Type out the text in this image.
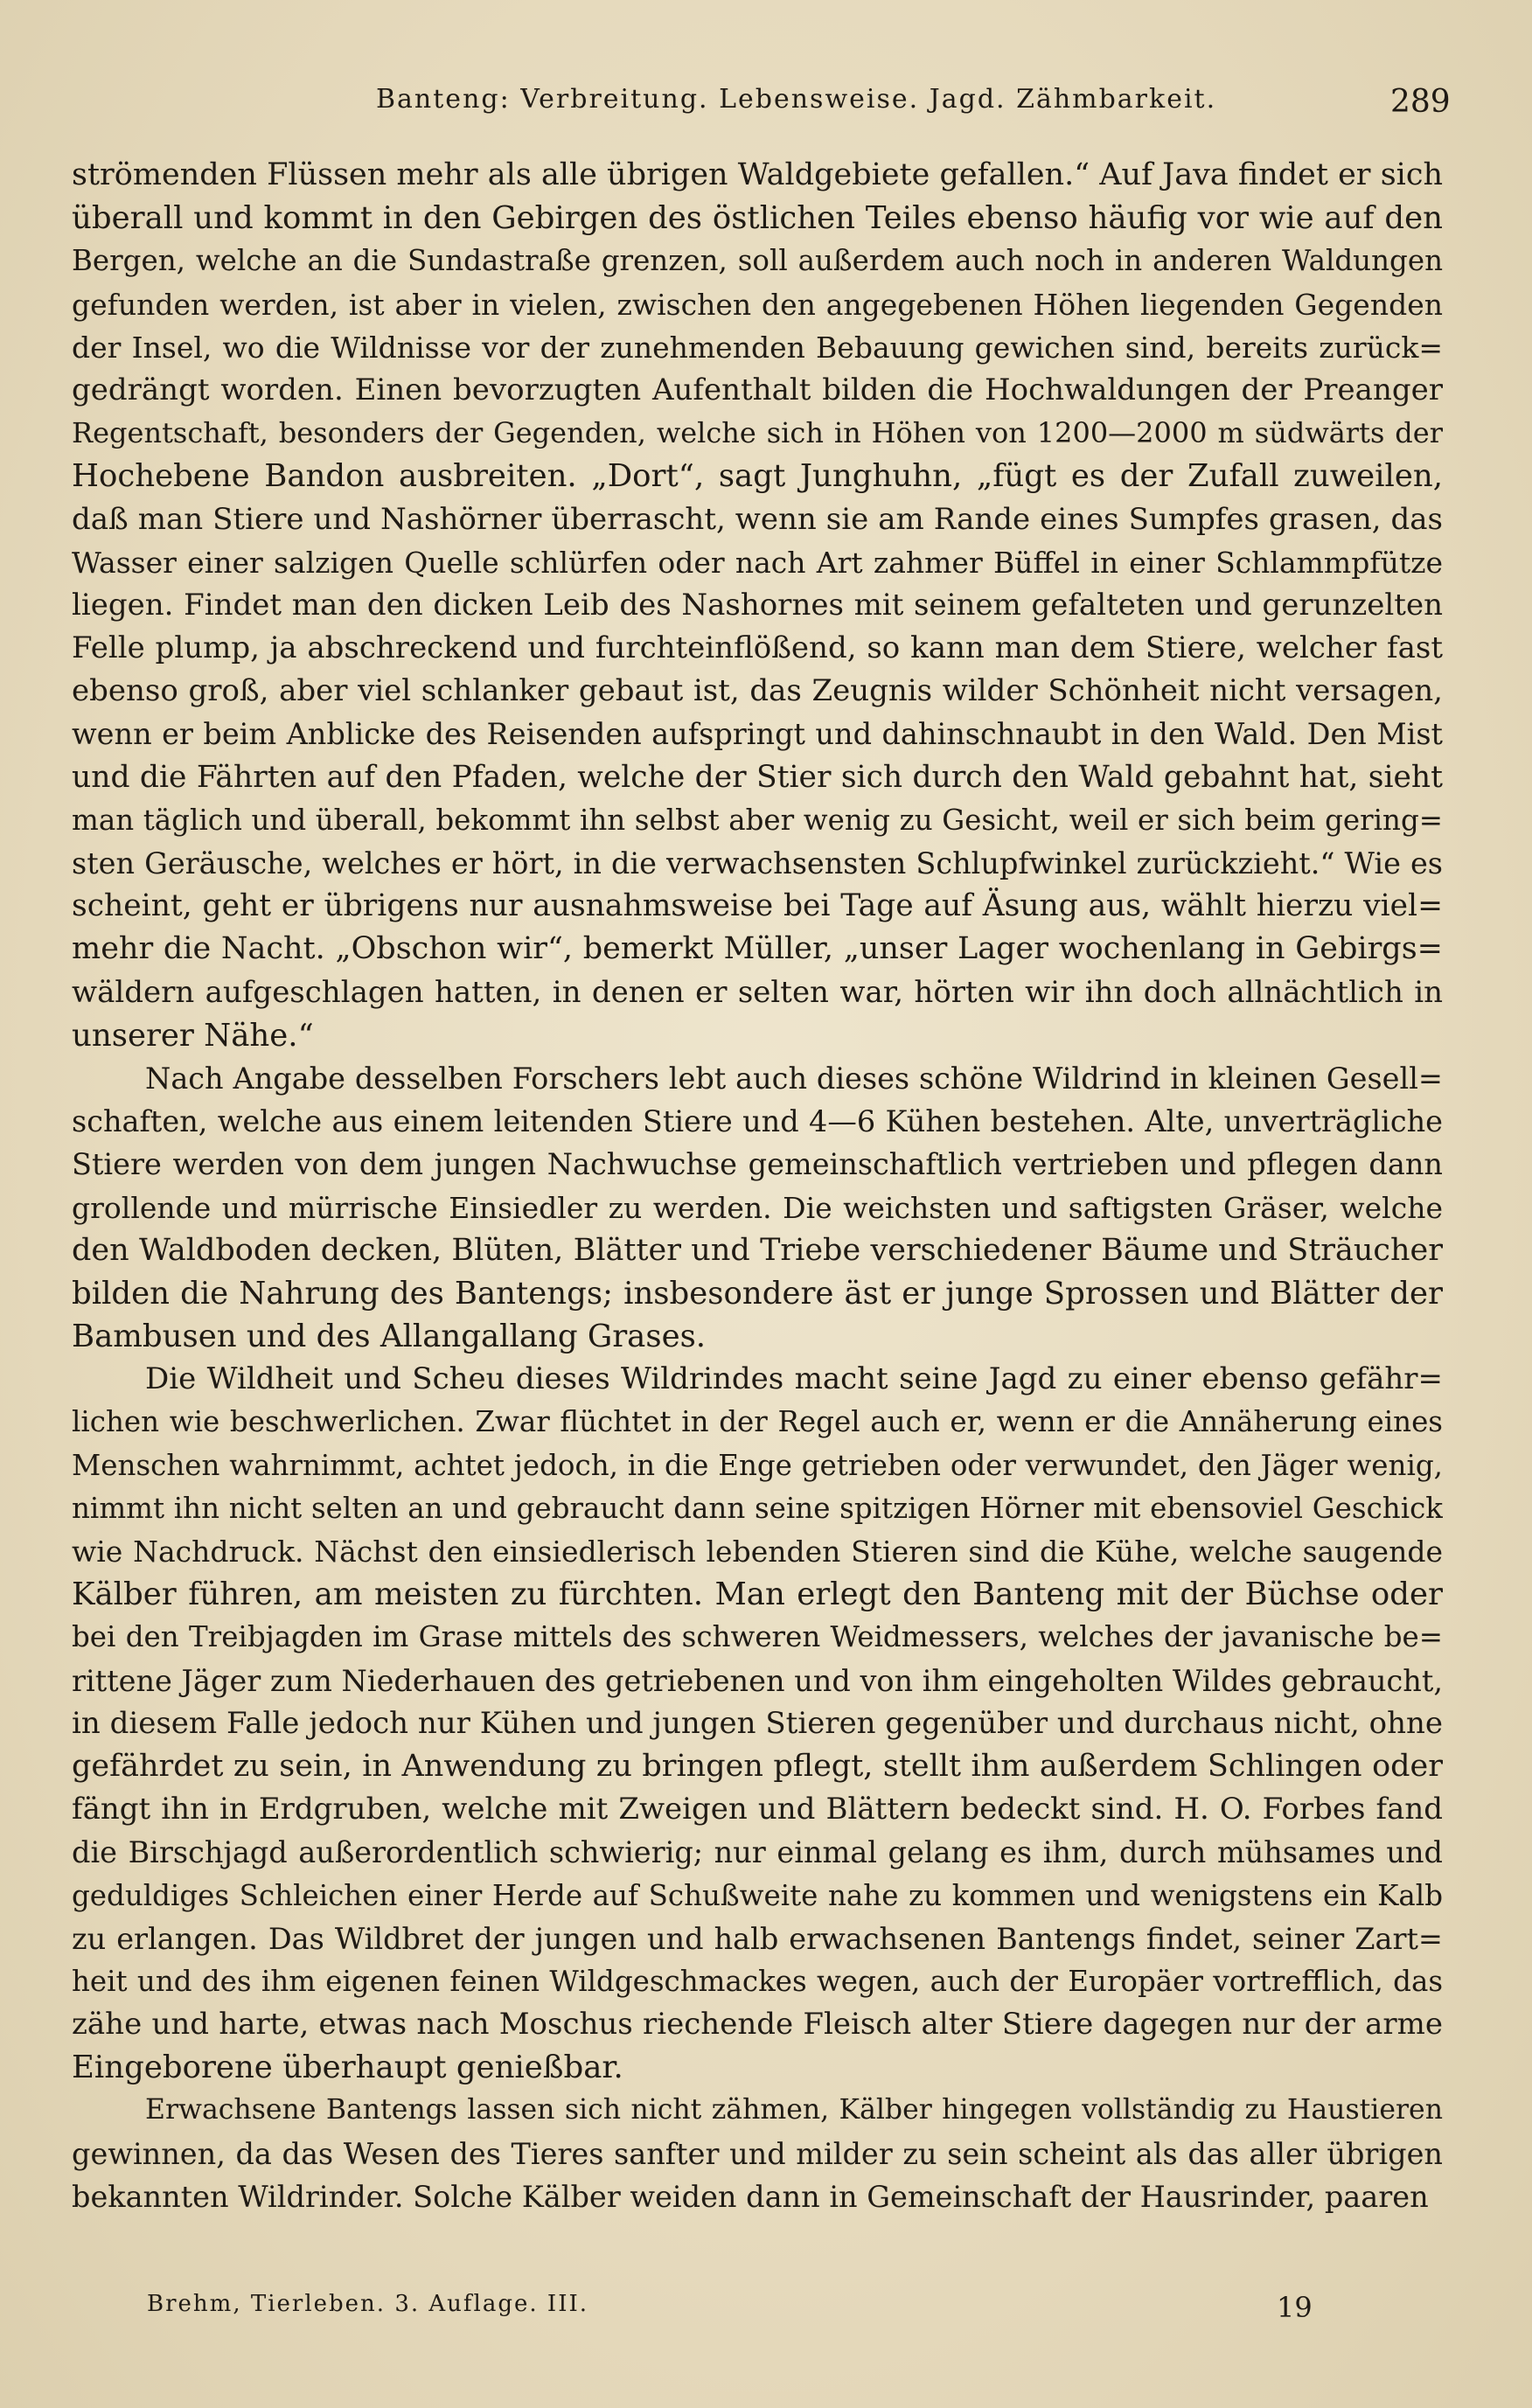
Banteng: Verbreitung. Lebensweise. Jagd. Zähmbarkeit.	289
strömenden Flüssen mehr als alle übrigen Waldgebiete gefallen.“ Auf Java findet er sich
überall und kommt in den Gebirgen des östlichen Teiles ebenso häufig vor wie auf den
Bergen, welche an die Sundastraße grenzen, soll außerdem auch noch in anderen Waldungen
gefunden werden, ist aber in vielen, zwischen den angegebenen Höhen liegenden Gegenden
der Insel, wo die Wildnisse vor der zunehmenden Bebauung gewichen sind, bereits zurück=
gedrängt worden. Einen bevorzugten Aufenthalt bilden die Hochwaldungen der Preanger
Regentschaft, besonders der Gegenden, welche sich in Höhen von 1200—2000 m südwärts der
Hochebene Bandon ausbreiten. „Dort“, sagt Junghuhn, „fügt es der Zufall zuweilen,
daß man Stiere und Nashörner überrascht, wenn sie am Rande eines Sumpfes grasen, das
Wasser einer salzigen Quelle schlürfen oder nach Art zahmer Büffel in einer Schlammpfütze
liegen. Findet man den dicken Leib des Nashornes mit seinem gefalteten und gerunzelten
Felle plump, ja abschreckend und furchteinflößend, so kann man dem Stiere, welcher fast
ebenso groß, aber viel schlanker gebaut ist, das Zeugnis wilder Schönheit nicht versagen,
wenn er beim Anblicke des Reisenden aufspringt und dahinschnaubt in den Wald. Den Mist
und die Fährten auf den Pfaden, welche der Stier sich durch den Wald gebahnt hat, sieht
man täglich und überall, bekommt ihn selbst aber wenig zu Gesicht, weil er sich beim gering=
sten Geräusche, welches er hört, in die verwachsensten Schlupfwinkel zurückzieht.“ Wie es
scheint, geht er übrigens nur ausnahmsweise bei Tage auf Äsung aus, wählt hierzu viel=
mehr die Nacht. „Obschon wir“, bemerkt Müller, „unser Lager wochenlang in Gebirgs=
wäldern aufgeschlagen hatten, in denen er selten war, hörten wir ihn doch allnächtlich in
unserer Nähe.“
Nach Angabe desselben Forschers lebt auch dieses schöne Wildrind in kleinen Gesell=
schaften, welche aus einem leitenden Stiere und 4—6 Kühen bestehen. Alte, unverträgliche
Stiere werden von dem jungen Nachwuchse gemeinschaftlich vertrieben und pflegen dann
grollende und mürrische Einsiedler zu werden. Die weichsten und saftigsten Gräser, welche
den Waldboden decken, Blüten, Blätter und Triebe verschiedener Bäume und Sträucher
bilden die Nahrung des Bantengs; insbesondere äst er junge Sprossen und Blätter der
Bambusen und des Allangallang Grases.
Die Wildheit und Scheu dieses Wildrindes macht seine Jagd zu einer ebenso gefähr=
lichen wie beschwerlichen. Zwar flüchtet in der Regel auch er, wenn er die Annäherung eines
Menschen wahrnimmt, achtet jedoch, in die Enge getrieben oder verwundet, den Jäger wenig,
nimmt ihn nicht selten an und gebraucht dann seine spitzigen Hörner mit ebensoviel Geschick
wie Nachdruck. Nächst den einsiedlerisch lebenden Stieren sind die Kühe, welche saugende
Kälber führen, am meisten zu fürchten. Man erlegt den Banteng mit der Büchse oder
bei den Treibjagden im Grase mittels des schweren Weidmessers, welches der javanische be=
rittene Jäger zum Niederhauen des getriebenen und von ihm eingeholten Wildes gebraucht,
in diesem Falle jedoch nur Kühen und jungen Stieren gegenüber und durchaus nicht, ohne
gefährdet zu sein, in Anwendung zu bringen pflegt, stellt ihm außerdem Schlingen oder
fängt ihn in Erdgruben, welche mit Zweigen und Blättern bedeckt sind. H. O. Forbes fand
die Birschjagd außerordentlich schwierig; nur einmal gelang es ihm, durch mühsames und
geduldiges Schleichen einer Herde auf Schußweite nahe zu kommen und wenigstens ein Kalb
zu erlangen. Das Wildbret der jungen und halb erwachsenen Bantengs findet, seiner Zart=
heit und des ihm eigenen feinen Wildgeschmackes wegen, auch der Europäer vortrefflich, das
zähe und harte, etwas nach Moschus riechende Fleisch alter Stiere dagegen nur der arme
Eingeborene überhaupt genießbar.
Erwachsene Bantengs lassen sich nicht zähmen, Kälber hingegen vollständig zu Haustieren
gewinnen, da das Wesen des Tieres sanfter und milder zu sein scheint als das aller übrigen
bekannten Wildrinder. Solche Kälber weiden dann in Gemeinschaft der Hausrinder, paaren
Brehm, Tierleben. 3. Auflage. III.	19
